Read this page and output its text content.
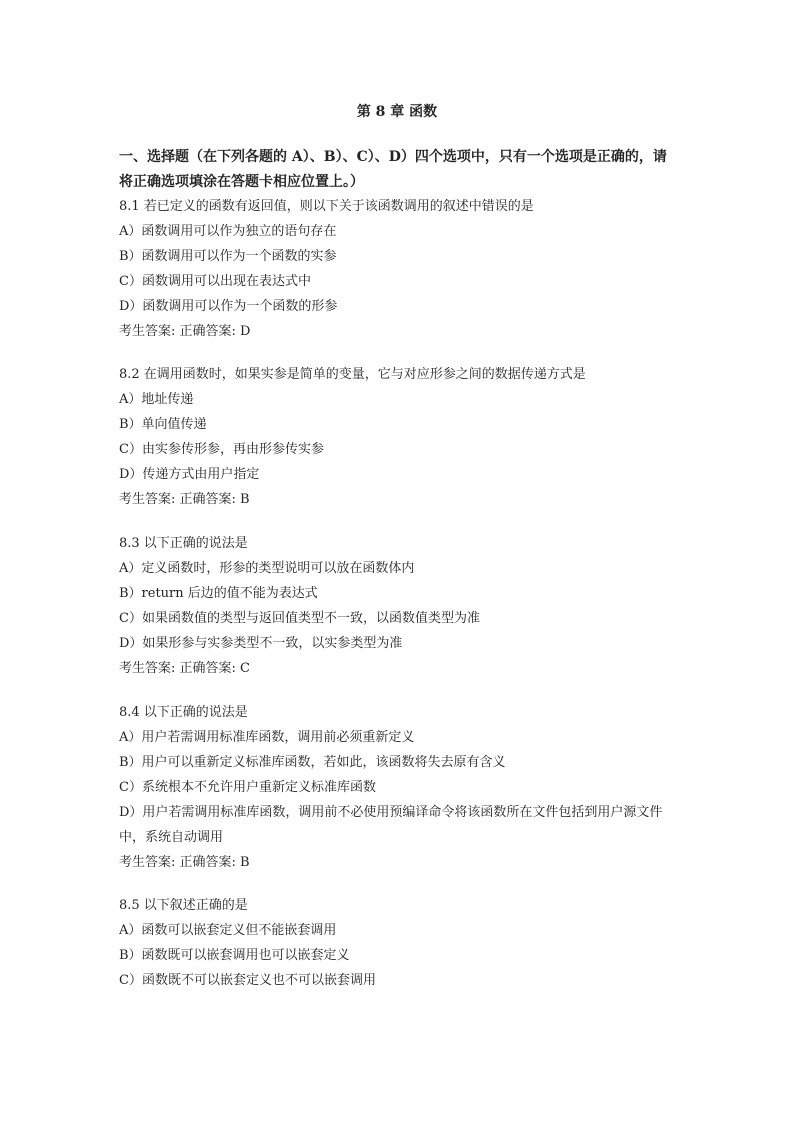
第 8 章 函数
一、选择题（在下列各题的 A）、B）、C）、D）四个选项中，只有一个选项是正确的，请将正确选项填涂在答题卡相应位置上。）
8.1 若已定义的函数有返回值，则以下关于该函数调用的叙述中错误的是
A）函数调用可以作为独立的语句存在
B）函数调用可以作为一个函数的实参
C）函数调用可以出现在表达式中
D）函数调用可以作为一个函数的形参
考生答案: 正确答案: D
8.2 在调用函数时，如果实参是简单的变量，它与对应形参之间的数据传递方式是
A）地址传递
B）单向值传递
C）由实参传形参，再由形参传实参
D）传递方式由用户指定
考生答案: 正确答案: B
8.3 以下正确的说法是
A）定义函数时，形参的类型说明可以放在函数体内
B）return 后边的值不能为表达式
C）如果函数值的类型与返回值类型不一致，以函数值类型为准
D）如果形参与实参类型不一致，以实参类型为准
考生答案: 正确答案: C
8.4 以下正确的说法是
A）用户若需调用标准库函数，调用前必须重新定义
B）用户可以重新定义标准库函数，若如此，该函数将失去原有含义
C）系统根本不允许用户重新定义标准库函数
D）用户若需调用标准库函数，调用前不必使用预编译命令将该函数所在文件包括到用户源文件中，系统自动调用
考生答案: 正确答案: B
8.5 以下叙述正确的是
A）函数可以嵌套定义但不能嵌套调用
B）函数既可以嵌套调用也可以嵌套定义
C）函数既不可以嵌套定义也不可以嵌套调用
